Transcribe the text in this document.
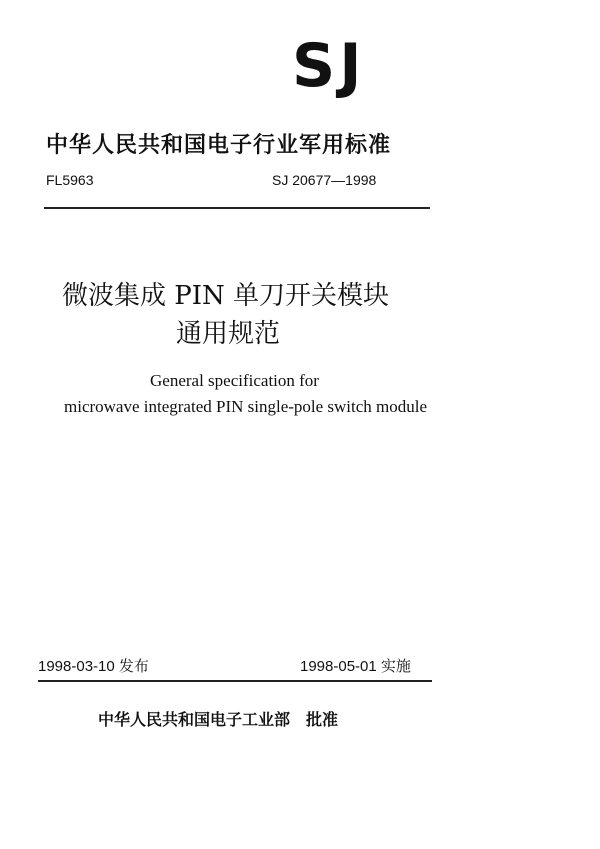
SJ
中华人民共和国电子行业军用标准
FL5963	SJ 20677—1998
微波集成 PIN 单刀开关模块
通用规范
General specification for
microwave integrated PIN single-pole switch module
1998-03-10 发布	1998-05-01 实施
中华人民共和国电子工业部　批准
